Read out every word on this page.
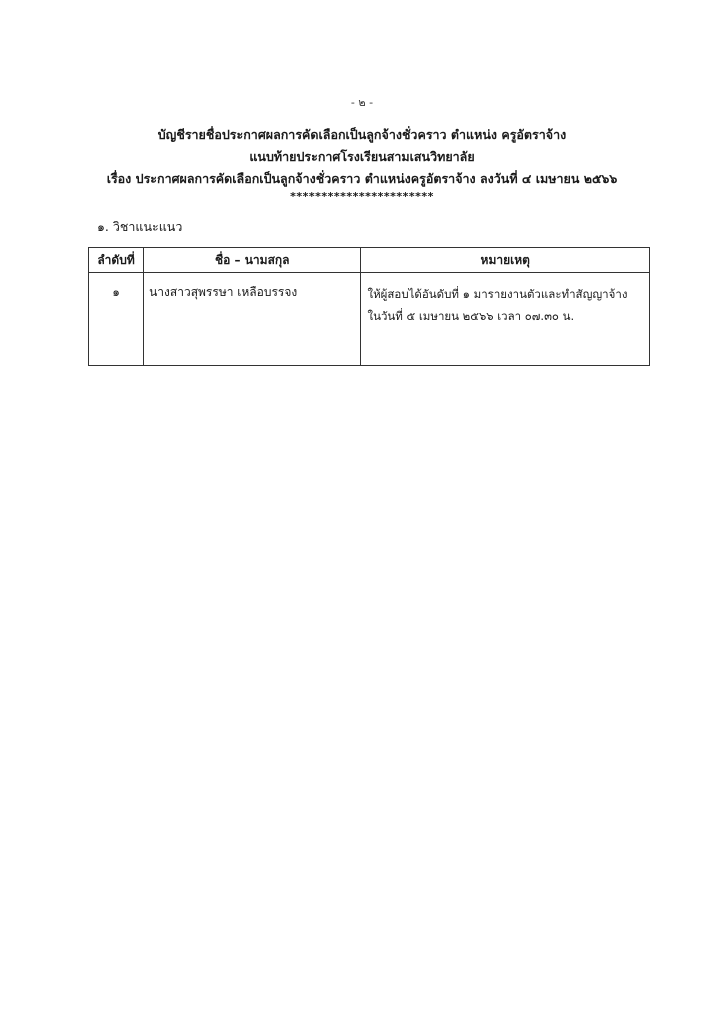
- ๒ -
บัญชีรายชื่อประกาศผลการคัดเลือกเป็นลูกจ้างชั่วคราว ตำแหน่ง ครูอัตราจ้าง
แนบท้ายประกาศโรงเรียนสามเสนวิทยาลัย
เรื่อง ประกาศผลการคัดเลือกเป็นลูกจ้างชั่วคราว ตำแหน่งครูอัตราจ้าง ลงวันที่ ๔ เมษายน ๒๕๖๖
***********************
๑. วิชาแนะแนว
ลำดับที่	ชื่อ – นามสกุล	หมายเหตุ
๑	นางสาวสุพรรษา เหลือบรรจง	ให้ผู้สอบได้อันดับที่ ๑ มารายงานตัวและทำสัญญาจ้าง
ในวันที่ ๕ เมษายน ๒๕๖๖ เวลา ๐๗.๓๐ น.
